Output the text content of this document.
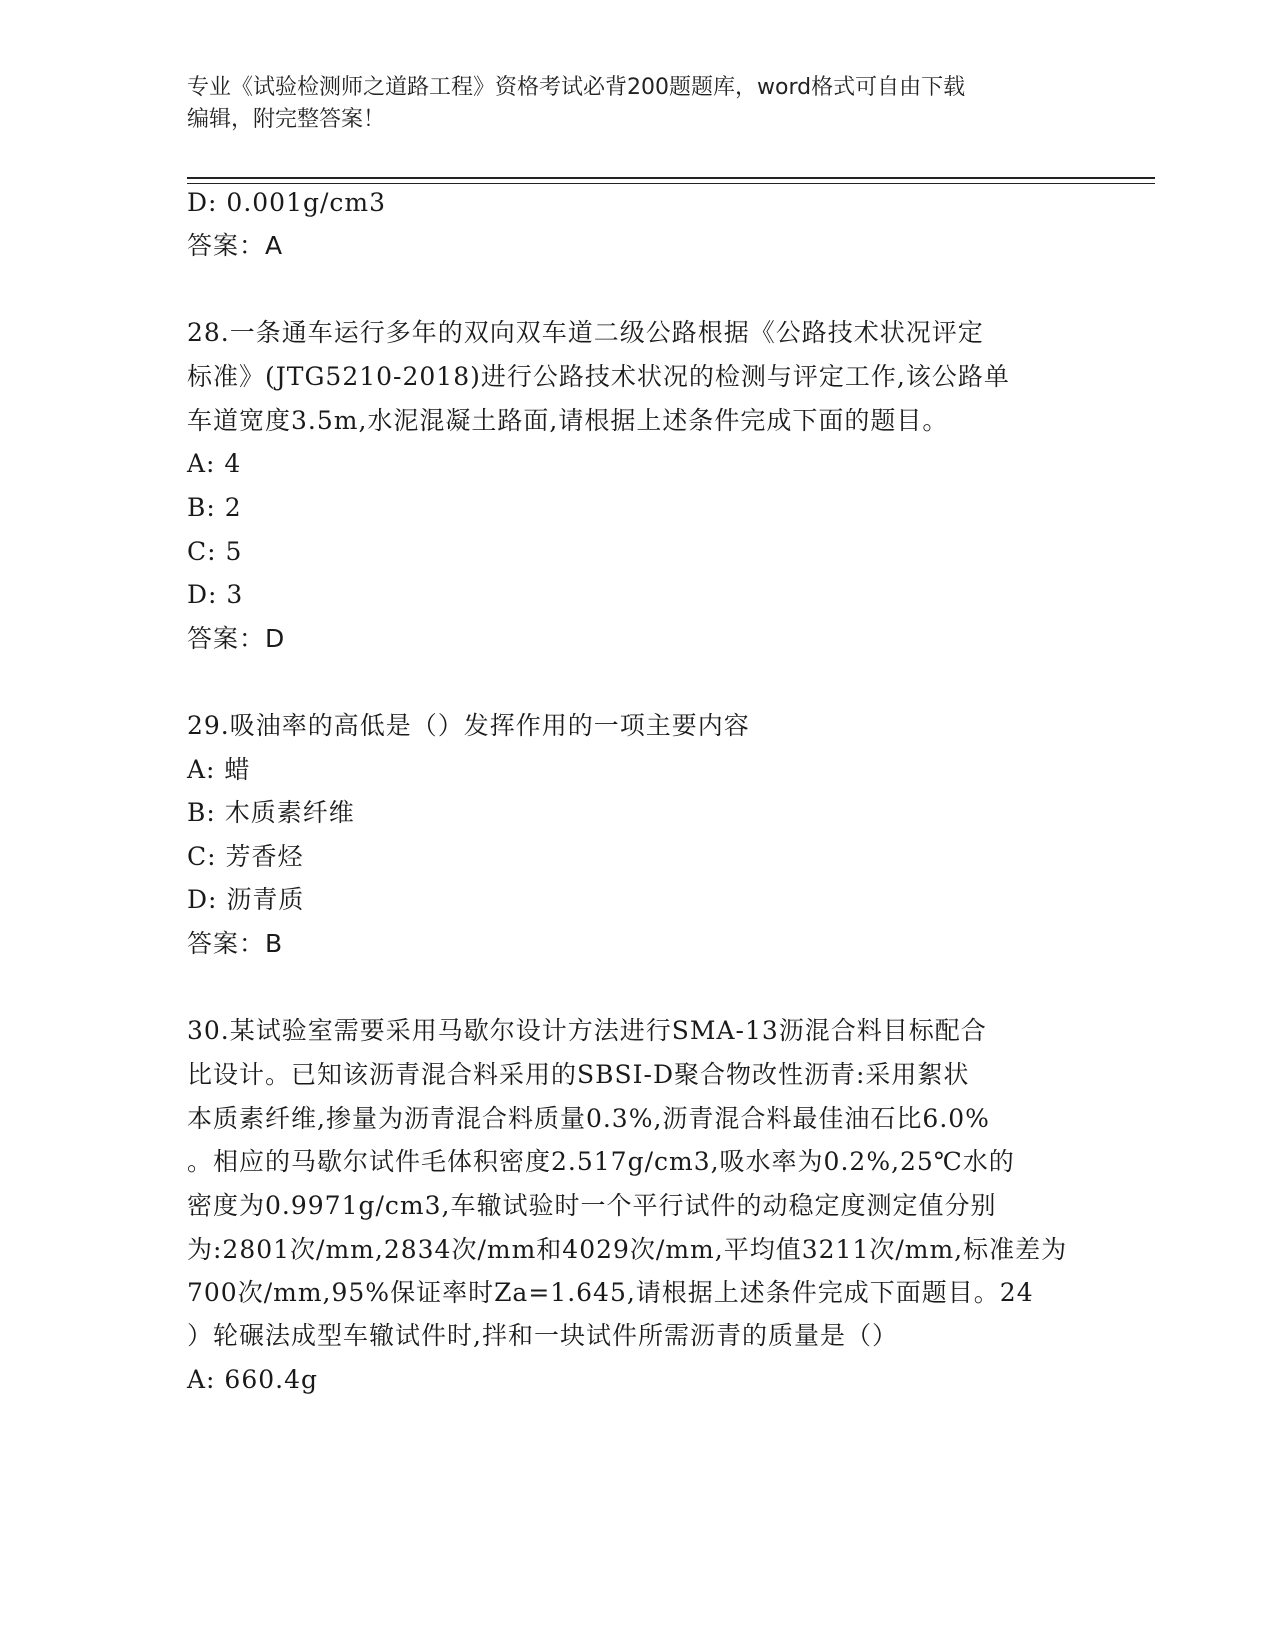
专业《试验检测师之道路工程》资格考试必背200题题库，word格式可自由下载
编辑，附完整答案！
D: 0.001g/cm3
答案：A
28.一条通车运行多年的双向双车道二级公路根据《公路技术状况评定
标准》(JTG5210-2018)进行公路技术状况的检测与评定工作,该公路单
车道宽度3.5m,水泥混凝土路面,请根据上述条件完成下面的题目。
A: 4
B: 2
C: 5
D: 3
答案：D
29.吸油率的高低是（）发挥作用的一项主要内容
A: 蜡
B: 木质素纤维
C: 芳香烃
D: 沥青质
答案：B
30.某试验室需要采用马歇尔设计方法进行SMA-13沥混合料目标配合
比设计。已知该沥青混合料采用的SBSI-D聚合物改性沥青:采用絮状
本质素纤维,掺量为沥青混合料质量0.3%,沥青混合料最佳油石比6.0%
。相应的马歇尔试件毛体积密度2.517g/cm3,吸水率为0.2%,25℃水的
密度为0.9971g/cm3,车辙试验时一个平行试件的动稳定度测定值分别
为:2801次/mm,2834次/mm和4029次/mm,平均值3211次/mm,标准差为
700次/mm,95%保证率时Za=1.645,请根据上述条件完成下面题目。24
）轮碾法成型车辙试件时,拌和一块试件所需沥青的质量是（）
A: 660.4g
